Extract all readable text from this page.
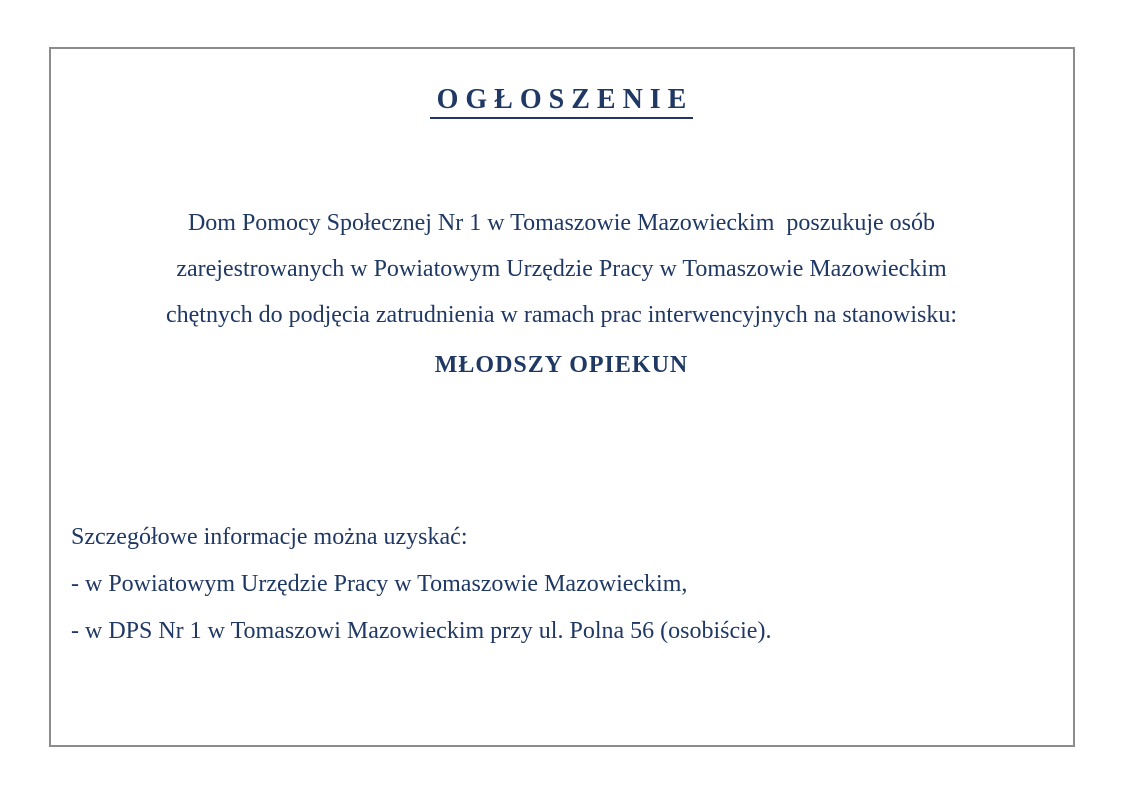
OGŁOSZENIE
Dom Pomocy Społecznej Nr 1 w Tomaszowie Mazowieckim  poszukuje osób
zarejestrowanych w Powiatowym Urzędzie Pracy w Tomaszowie Mazowieckim
chętnych do podjęcia zatrudnienia w ramach prac interwencyjnych na stanowisku:
MŁODSZY OPIEKUN
Szczegółowe informacje można uzyskać:
- w Powiatowym Urzędzie Pracy w Tomaszowie Mazowieckim,
- w DPS Nr 1 w Tomaszowi Mazowieckim przy ul. Polna 56 (osobiście).
